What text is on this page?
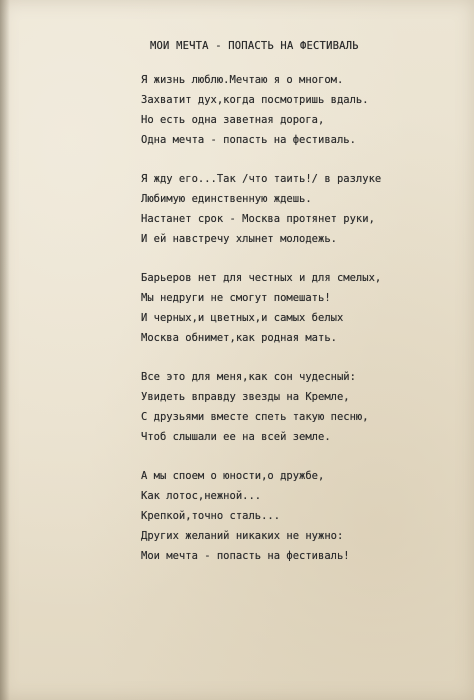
МОИ МЕЧТА - ПОПАСТЬ НА ФЕСТИВАЛЬ
Я жизнь люблю.Мечтаю я о многом.
Захватит дух,когда посмотришь вдаль.
Но есть одна заветная дорога,
Одна мечта - попасть на фестиваль.
Я жду его...Так /что таить!/ в разлуке
Любимую единственную ждешь.
Настанет срок - Москва протянет руки,
И ей навстречу хлынет молодежь.
Барьеров нет для честных и для смелых,
Мы недруги не смогут помешать!
И черных,и цветных,и самых белых
Москва обнимет,как родная мать.
Все это для меня,как сон чудесный:
Увидеть вправду звезды на Кремле,
С друзьями вместе спеть такую песню,
Чтоб слышали ее на всей земле.
А мы споем о юности,о дружбе,
Как лотос,нежной...
Крепкой,точно сталь...
Других желаний никаких не нужно:
Мои мечта - попасть на фестиваль!
